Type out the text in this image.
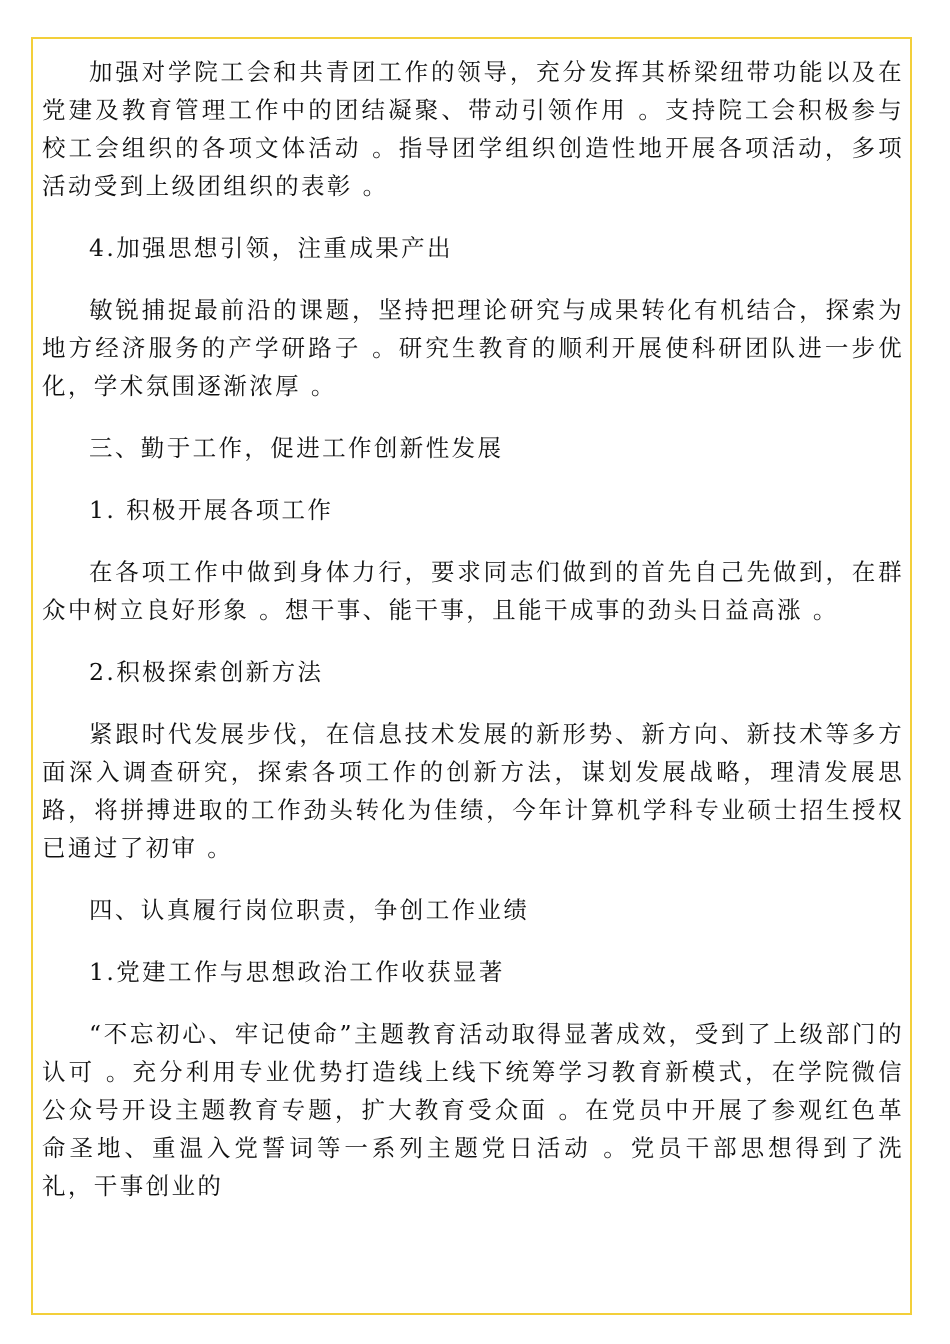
加强对学院工会和共青团工作的领导，充分发挥其桥梁纽带功能以及在党建及教育管理工作中的团结凝聚、带动引领作用 。支持院工会积极参与校工会组织的各项文体活动 。指导团学组织创造性地开展各项活动，多项活动受到上级团组织的表彰 。

4.加强思想引领，注重成果产出

敏锐捕捉最前沿的课题，坚持把理论研究与成果转化有机结合，探索为地方经济服务的产学研路子 。研究生教育的顺利开展使科研团队进一步优化，学术氛围逐渐浓厚 。

三、勤于工作，促进工作创新性发展

1. 积极开展各项工作

在各项工作中做到身体力行，要求同志们做到的首先自己先做到，在群众中树立良好形象 。想干事、能干事，且能干成事的劲头日益高涨 。

2.积极探索创新方法

紧跟时代发展步伐，在信息技术发展的新形势、新方向、新技术等多方面深入调查研究，探索各项工作的创新方法，谋划发展战略，理清发展思路，将拼搏进取的工作劲头转化为佳绩，今年计算机学科专业硕士招生授权已通过了初审 。

四、认真履行岗位职责，争创工作业绩

1.党建工作与思想政治工作收获显著

“不忘初心、牢记使命”主题教育活动取得显著成效，受到了上级部门的认可 。充分利用专业优势打造线上线下统筹学习教育新模式，在学院微信公众号开设主题教育专题，扩大教育受众面 。在党员中开展了参观红色革命圣地、重温入党誓词等一系列主题党日活动 。党员干部思想得到了洗礼，干事创业的
